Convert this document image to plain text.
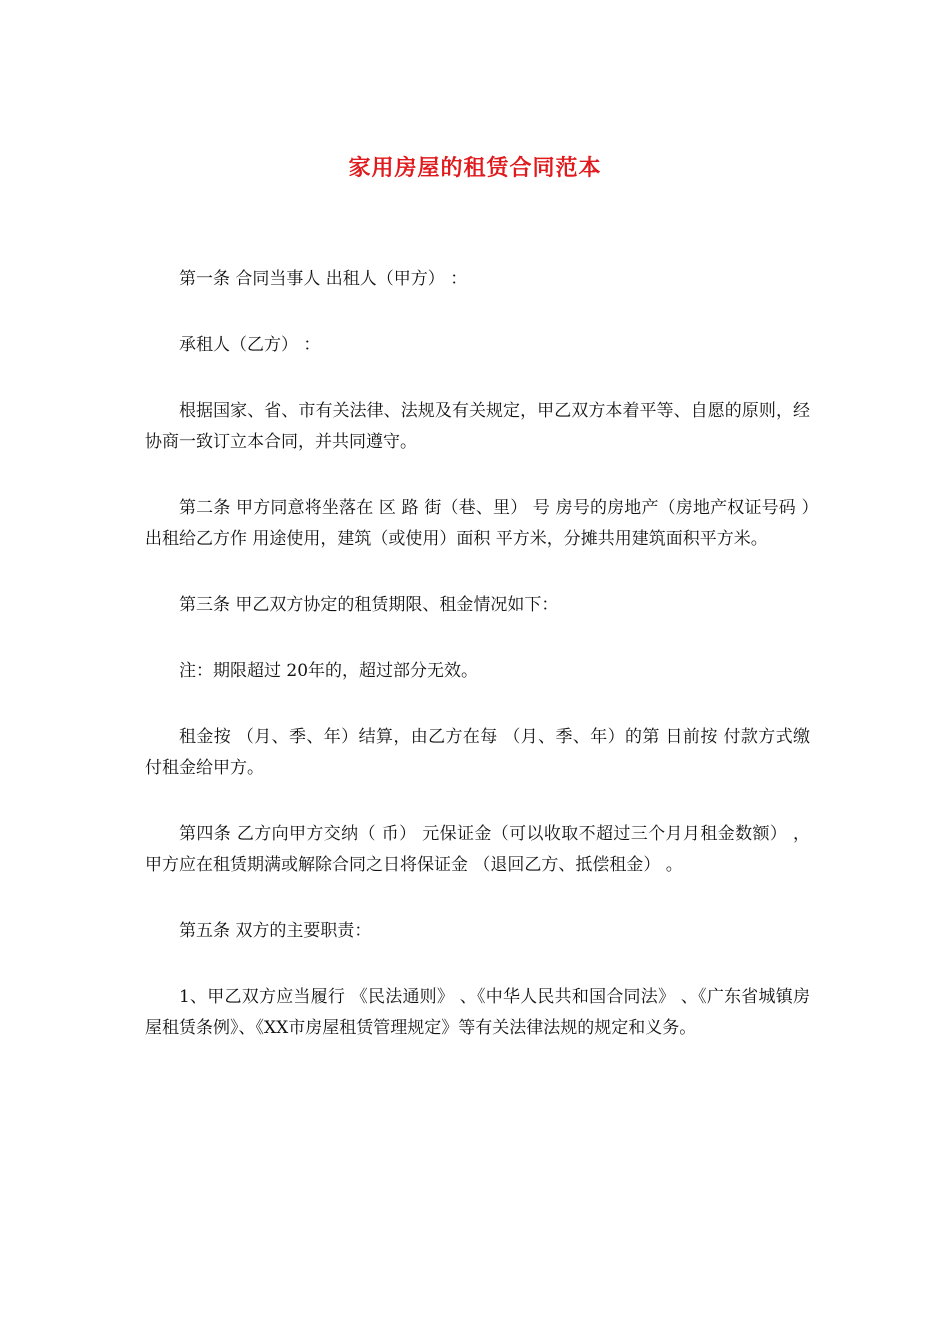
家用房屋的租赁合同范本

第一条 合同当事人 出租人（甲方） ：

承租人（乙方） ：

根据国家、省、市有关法律、法规及有关规定，甲乙双方本着平等、自愿的原则，经协商一致订立本合同，并共同遵守。

第二条 甲方同意将坐落在 区 路 街（巷、里） 号 房号的房地产（房地产权证号码 ）出租给乙方作 用途使用，建筑（或使用）面积 平方米，分摊共用建筑面积平方米。

第三条 甲乙双方协定的租赁期限、租金情况如下：

注：期限超过 20年的，超过部分无效。

租金按 （月、季、年）结算，由乙方在每 （月、季、年）的第 日前按 付款方式缴付租金给甲方。

第四条 乙方向甲方交纳（ 币） 元保证金（可以收取不超过三个月月租金数额） ，甲方应在租赁期满或解除合同之日将保证金 （退回乙方、抵偿租金） 。

第五条 双方的主要职责：

1、甲乙双方应当履行 《民法通则》 、《中华人民共和国合同法》 、《广东省城镇房屋租赁条例》、《XX市房屋租赁管理规定》等有关法律法规的规定和义务。
